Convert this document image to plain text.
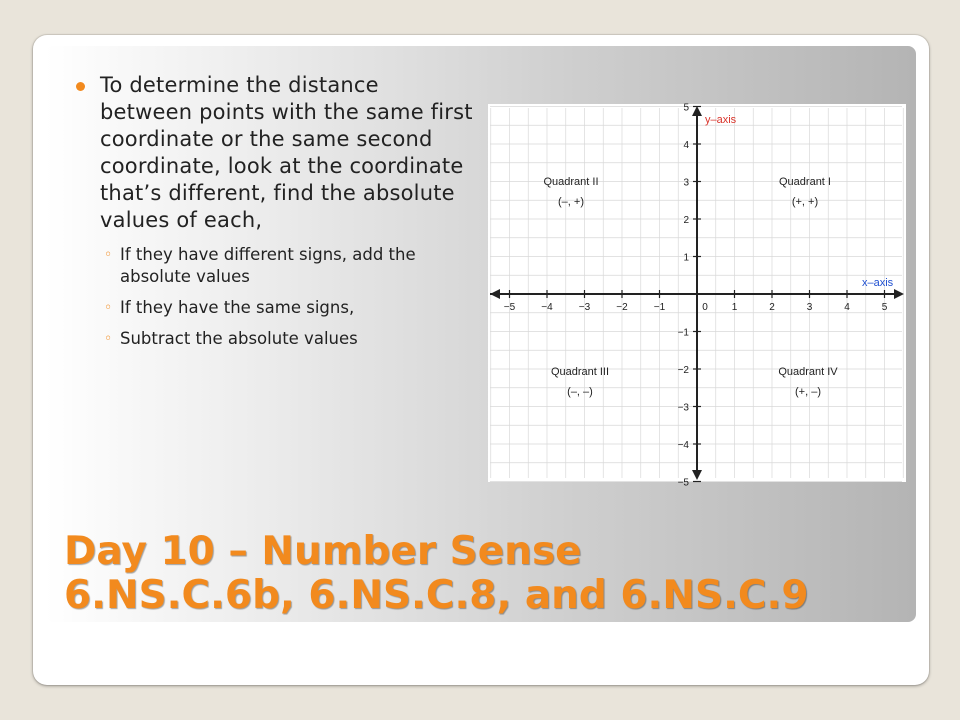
To determine the distance between points with the same first coordinate or the same second coordinate, look at the coordinate that’s different, find the absolute values of each,
◦ If they have different signs, add the absolute values
◦ If they have the same signs,
◦ Subtract the absolute values
−5	−4	−3	−2	−1	0 1	2	3	4	5
5
4
3
2
1
−1
−2
−3
−4
−5
y–axis
x–axis
Quadrant II
(–, +)
Quadrant I
(+, +)
Quadrant III
(–, –)
Quadrant IV
(+, –)
Day 10 – Number Sense
6.NS.C.6b, 6.NS.C.8, and 6.NS.C.9
